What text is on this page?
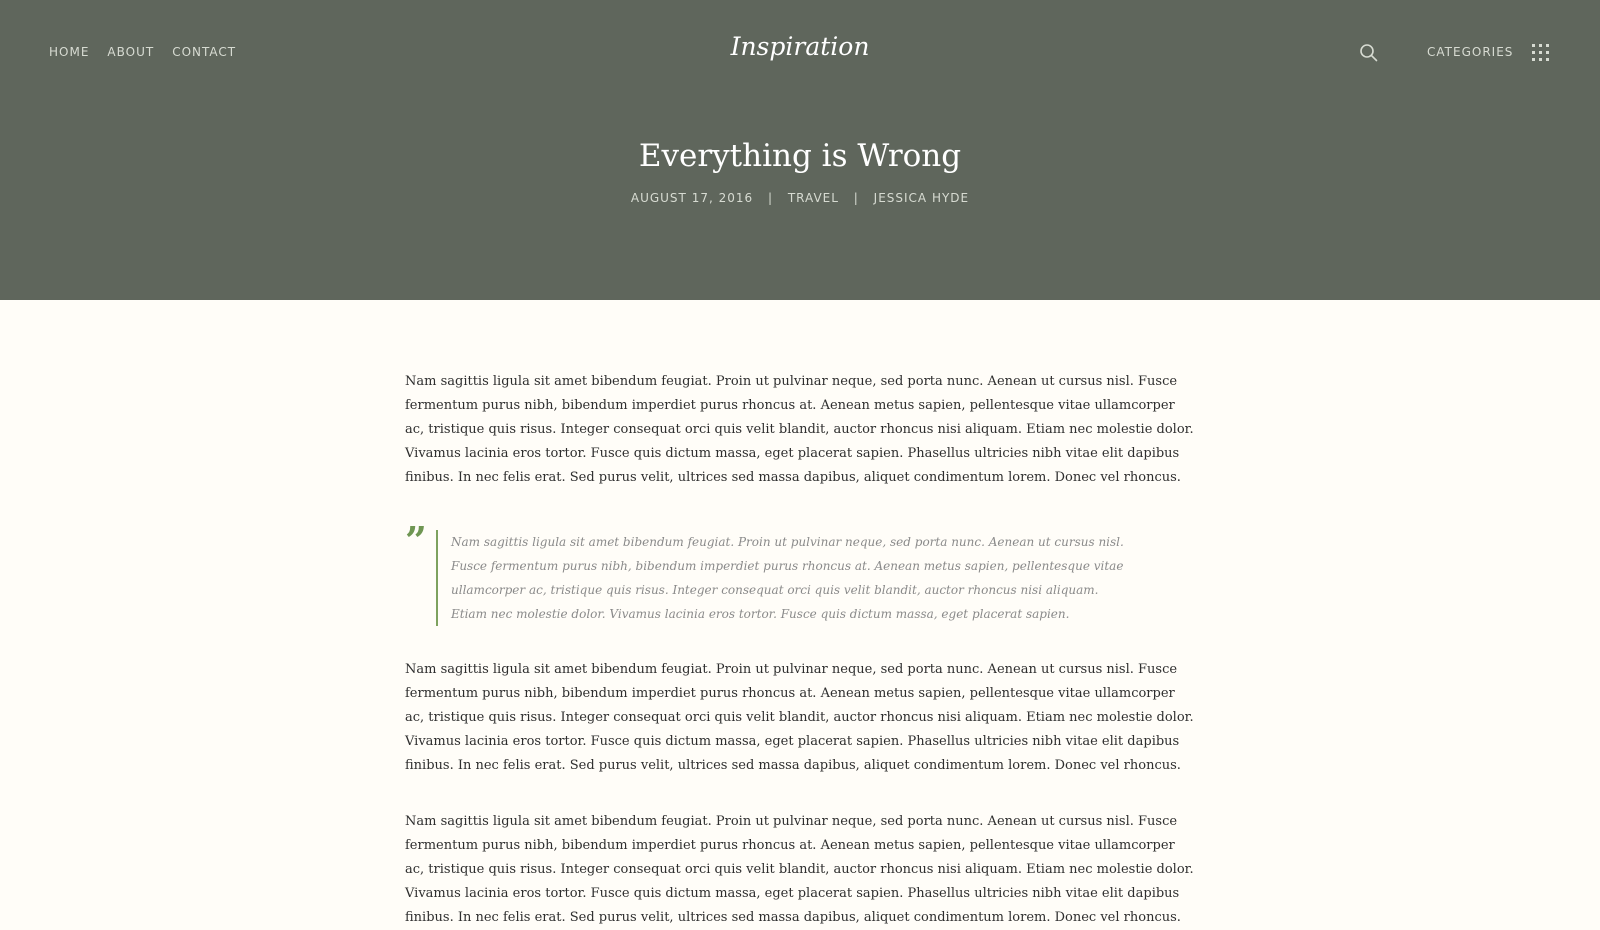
HOME ABOUT CONTACT	Inspiration	CATEGORIES
Everything is Wrong
AUGUST 17, 2016 | TRAVEL | JESSICA HYDE

Nam sagittis ligula sit amet bibendum feugiat. Proin ut pulvinar neque, sed porta nunc. Aenean ut cursus nisl. Fusce fermentum purus nibh, bibendum imperdiet purus rhoncus at. Aenean metus sapien, pellentesque vitae ullamcorper ac, tristique quis risus. Integer consequat orci quis velit blandit, auctor rhoncus nisi aliquam. Etiam nec molestie dolor. Vivamus lacinia eros tortor. Fusce quis dictum massa, eget placerat sapien. Phasellus ultricies nibh vitae elit dapibus finibus. In nec felis erat. Sed purus velit, ultrices sed massa dapibus, aliquet condimentum lorem. Donec vel rhoncus.

”	Nam sagittis ligula sit amet bibendum feugiat. Proin ut pulvinar neque, sed porta nunc. Aenean ut cursus nisl. Fusce fermentum purus nibh, bibendum imperdiet purus rhoncus at. Aenean metus sapien, pellentesque vitae ullamcorper ac, tristique quis risus. Integer consequat orci quis velit blandit, auctor rhoncus nisi aliquam. Etiam nec molestie dolor. Vivamus lacinia eros tortor. Fusce quis dictum massa, eget placerat sapien.

Nam sagittis ligula sit amet bibendum feugiat. Proin ut pulvinar neque, sed porta nunc. Aenean ut cursus nisl. Fusce fermentum purus nibh, bibendum imperdiet purus rhoncus at. Aenean metus sapien, pellentesque vitae ullamcorper ac, tristique quis risus. Integer consequat orci quis velit blandit, auctor rhoncus nisi aliquam. Etiam nec molestie dolor. Vivamus lacinia eros tortor. Fusce quis dictum massa, eget placerat sapien. Phasellus ultricies nibh vitae elit dapibus finibus. In nec felis erat. Sed purus velit, ultrices sed massa dapibus, aliquet condimentum lorem. Donec vel rhoncus.

Nam sagittis ligula sit amet bibendum feugiat. Proin ut pulvinar neque, sed porta nunc. Aenean ut cursus nisl. Fusce fermentum purus nibh, bibendum imperdiet purus rhoncus at. Aenean metus sapien, pellentesque vitae ullamcorper ac, tristique quis risus. Integer consequat orci quis velit blandit, auctor rhoncus nisi aliquam. Etiam nec molestie dolor. Vivamus lacinia eros tortor. Fusce quis dictum massa, eget placerat sapien. Phasellus ultricies nibh vitae elit dapibus finibus. In nec felis erat. Sed purus velit, ultrices sed massa dapibus, aliquet condimentum lorem. Donec vel rhoncus.
